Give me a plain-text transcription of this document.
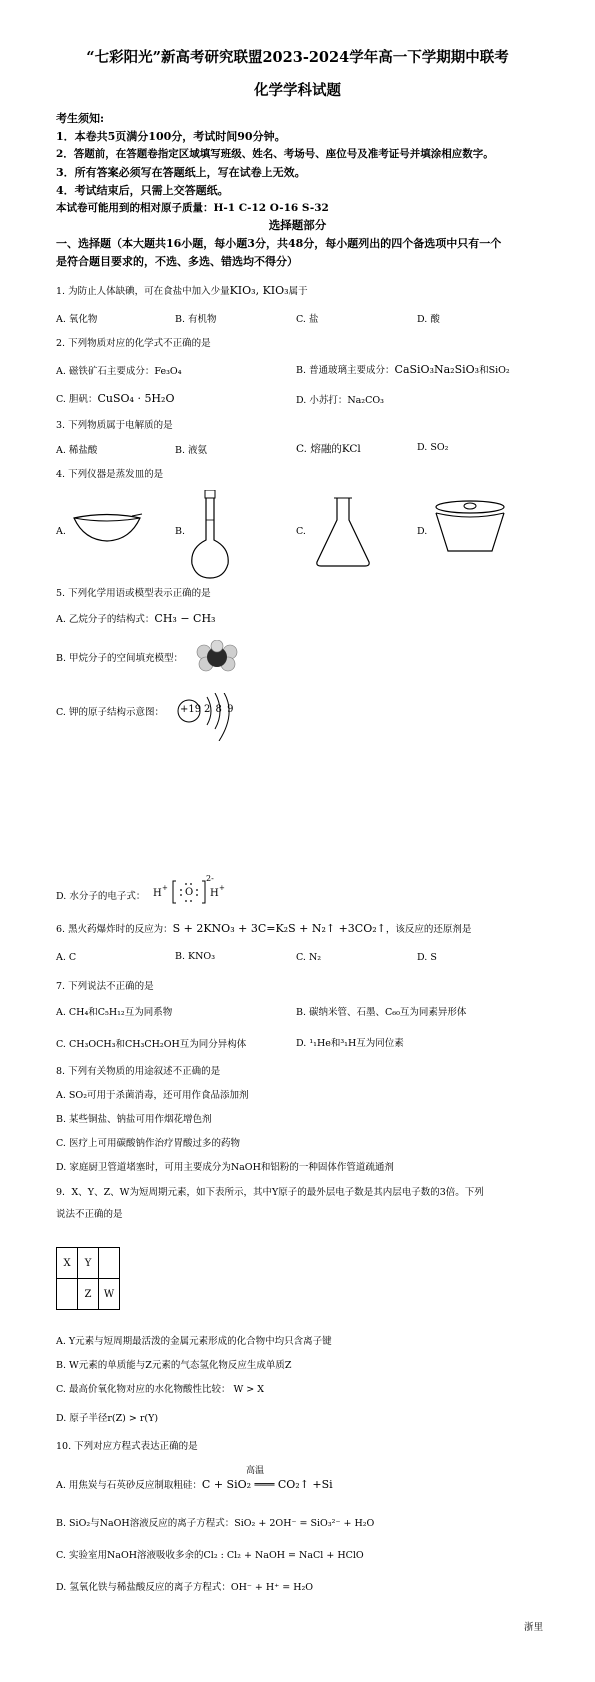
“七彩阳光”新高考研究联盟2023-2024学年高一下学期期中联考
化学学科试题
考生须知:
1．本卷共5页满分100分，考试时间90分钟。
2．答题前，在答题卷指定区域填写班级、姓名、考场号、座位号及准考证号并填涂相应数字。
3．所有答案必须写在答题纸上，写在试卷上无效。
4．考试结束后，只需上交答题纸。
本试卷可能用到的相对原子质量：H-1 C-12 O-16 S-32
选择题部分
一、选择题（本大题共16小题，每小题3分，共48分，每小题列出的四个备选项中只有一个
是符合题目要求的，不选、多选、错选均不得分）
1. 为防止人体缺碘，可在食盐中加入少量KIO₃, KIO₃属于
A. 氧化物	B. 有机物	C. 盐	D. 酸
2. 下列物质对应的化学式不正确的是
A. 磁铁矿石主要成分：Fe₃O₄	B. 普通玻璃主要成分：CaSiO₃Na₂SiO₃和SiO₂
C. 胆矾：CuSO₄ · 5H₂O	D. 小苏打：Na₂CO₃
3. 下列物质属于电解质的是
A. 稀盐酸	B. 液氨	C. 熔融的KCl	D. SO₂
4. 下列仪器是蒸发皿的是
A.	B.	C.	D.
5. 下列化学用语或模型表示正确的是
A. 乙烷分子的结构式：CH₃ − CH₃
B. 甲烷分子的空间填充模型：
C. 钾的原子结构示意图： +19 2 8 9
D. 水分子的电子式： H + O
2-
H +
6. 黑火药爆炸时的反应为：S + 2KNO₃ + 3C=K₂S + N₂↑ +3CO₂↑，该反应的还原剂是
A. C	B. KNO₃	C. N₂	D. S
7. 下列说法不正确的是
A. CH₄和C₅H₁₂互为同系物	B. 碳纳米管、石墨、C₆₀互为同素异形体
C. CH₃OCH₃和CH₃CH₂OH互为同分异构体	D. ¹₁He和³₁H互为同位素
8. 下列有关物质的用途叙述不正确的是
A. SO₂可用于杀菌消毒，还可用作食品添加剂
B. 某些铜盐、钠盐可用作烟花增色剂
C. 医疗上可用碳酸钠作治疗胃酸过多的药物
D. 家庭厨卫管道堵塞时，可用主要成分为NaOH和铝粉的一种固体作管道疏通剂
9．X、Y、Z、W为短周期元素，如下表所示，其中Y原子的最外层电子数是其内层电子数的3倍。下列
说法不正确的是
X	Y	
	Z	W
A. Y元素与短周期最活泼的金属元素形成的化合物中均只含离子键
B. W元素的单质能与Z元素的气态氢化物反应生成单质Z
C. 最高价氧化物对应的水化物酸性比较： W > X
D. 原子半径r(Z) > r(Y)
10. 下列对应方程式表达正确的是
A. 用焦炭与石英砂反应制取粗硅：C + SiO₂ ═══ CO₂↑ +Si
高温
B. SiO₂与NaOH溶液反应的离子方程式：SiO₂ + 2OH⁻ = SiO₃²⁻ + H₂O
C. 实验室用NaOH溶液吸收多余的Cl₂ : Cl₂ + NaOH = NaCl + HClO
D. 氢氧化铁与稀盐酸反应的离子方程式：OH⁻ + H⁺ = H₂O
浙里
